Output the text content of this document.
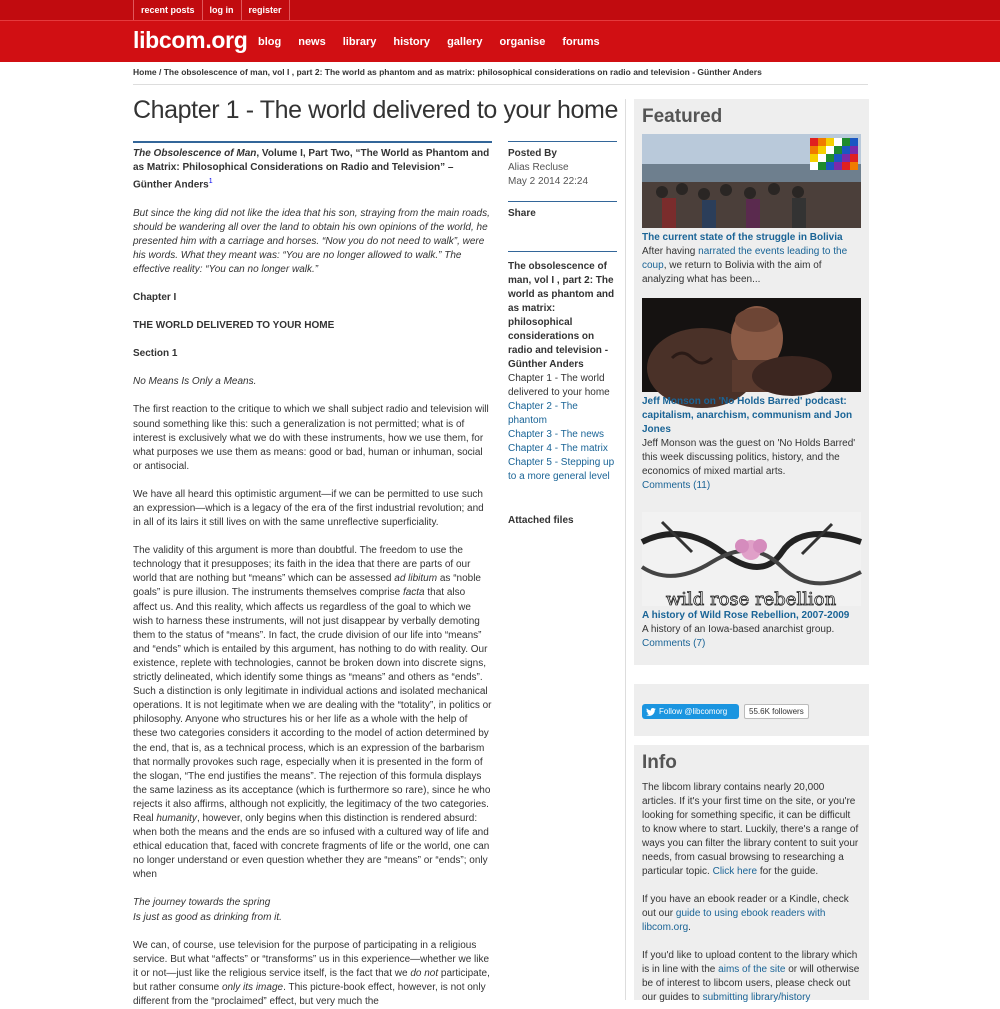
recent posts	log in	register
libcom.org blog news library history gallery organise forums
Home / The obsolescence of man, vol I , part 2: The world as phantom and as matrix: philosophical considerations on radio and television - Günther Anders
Chapter 1 - The world delivered to your home

The Obsolescence of Man, Volume I, Part Two, “The World as Phantom and as Matrix: Philosophical Considerations on Radio and Television” – Günther Anders$^1$

But since the king did not like the idea that his son, straying from the main roads, should be wandering all over the land to obtain his own opinions of the world, he presented him with a carriage and horses. “Now you do not need to walk”, were his words. What they meant was: “You are no longer allowed to walk.” The effective reality: “You can no longer walk.”

Chapter I

THE WORLD DELIVERED TO YOUR HOME

Section 1

No Means Is Only a Means.

The first reaction to the critique to which we shall subject radio and television will sound something like this: such a generalization is not permitted; what is of interest is exclusively what we do with these instruments, how we use them, for what purposes we use them as means: good or bad, human or inhuman, social or antisocial.

We have all heard this optimistic argument—if we can be permitted to use such an expression—which is a legacy of the era of the first industrial revolution; and in all of its lairs it still lives on with the same unreflective superficiality.

The validity of this argument is more than doubtful. The freedom to use the technology that it presupposes; its faith in the idea that there are parts of our world that are nothing but “means” which can be assessed ad libitum as “noble goals” is pure illusion. The instruments themselves comprise facta that also affect us. And this reality, which affects us regardless of the goal to which we wish to harness these instruments, will not just disappear by verbally demoting them to the status of “means”. In fact, the crude division of our life into “means” and “ends” which is entailed by this argument, has nothing to do with reality. Our existence, replete with technologies, cannot be broken down into discrete signs, strictly delineated, which identify some things as “means” and others as “ends”. Such a distinction is only legitimate in individual actions and isolated mechanical operations. It is not legitimate when we are dealing with the “totality”, in politics or philosophy. Anyone who structures his or her life as a whole with the help of these two categories considers it according to the model of action determined by the end, that is, as a technical process, which is an expression of the barbarism that normally provokes such rage, especially when it is presented in the form of the slogan, “The end justifies the means”. The rejection of this formula displays the same laziness as its acceptance (which is furthermore so rare), since he who rejects it also affirms, although not explicitly, the legitimacy of the two categories. Real humanity, however, only begins when this distinction is rendered absurd: when both the means and the ends are so infused with a cultured way of life and ethical education that, faced with concrete fragments of life or the world, one can no longer understand or even question whether they are “means” or “ends”; only when

The journey towards the spring
Is just as good as drinking from it.

We can, of course, use television for the purpose of participating in a religious service. But what “affects” or “transforms” us in this experience—whether we like it or not—just like the religious service itself, is the fact that we do not participate, but rather consume only its image. This picture-book effect, however, is not only different from the “proclaimed” effect, but very much the

Posted By
Alias Recluse
May 2 2014 22:24
Share
The obsolescence of man, vol I , part 2: The world as phantom and as matrix: philosophical considerations on radio and television - Günther Anders
Chapter 1 - The world delivered to your home
Chapter 2 - The phantom
Chapter 3 - The news
Chapter 4 - The matrix
Chapter 5 - Stepping up to a more general level
Attached files
Featured
The current state of the struggle in Bolivia
After having narrated the events leading to the coup, we return to Bolivia with the aim of analyzing what has been...
Jeff Monson on 'No Holds Barred' podcast: capitalism, anarchism, communism and Jon Jones
Jeff Monson was the guest on 'No Holds Barred' this week discussing politics, history, and the economics of mixed martial arts.
Comments (11)
wild rose rebellion
A history of Wild Rose Rebellion, 2007-2009
A history of an Iowa-based anarchist group.
Comments (7)
Follow @libcomorg	55.6K followers
Info

The libcom library contains nearly 20,000 articles. If it's your first time on the site, or you're looking for something specific, it can be difficult to know where to start. Luckily, there's a range of ways you can filter the library content to suit your needs, from casual browsing to researching a particular topic. Click here for the guide.

If you have an ebook reader or a Kindle, check out our guide to using ebook readers with libcom.org.

If you'd like to upload content to the library which is in line with the aims of the site or will otherwise be of interest to libcom users, please check out our guides to submitting library/history
